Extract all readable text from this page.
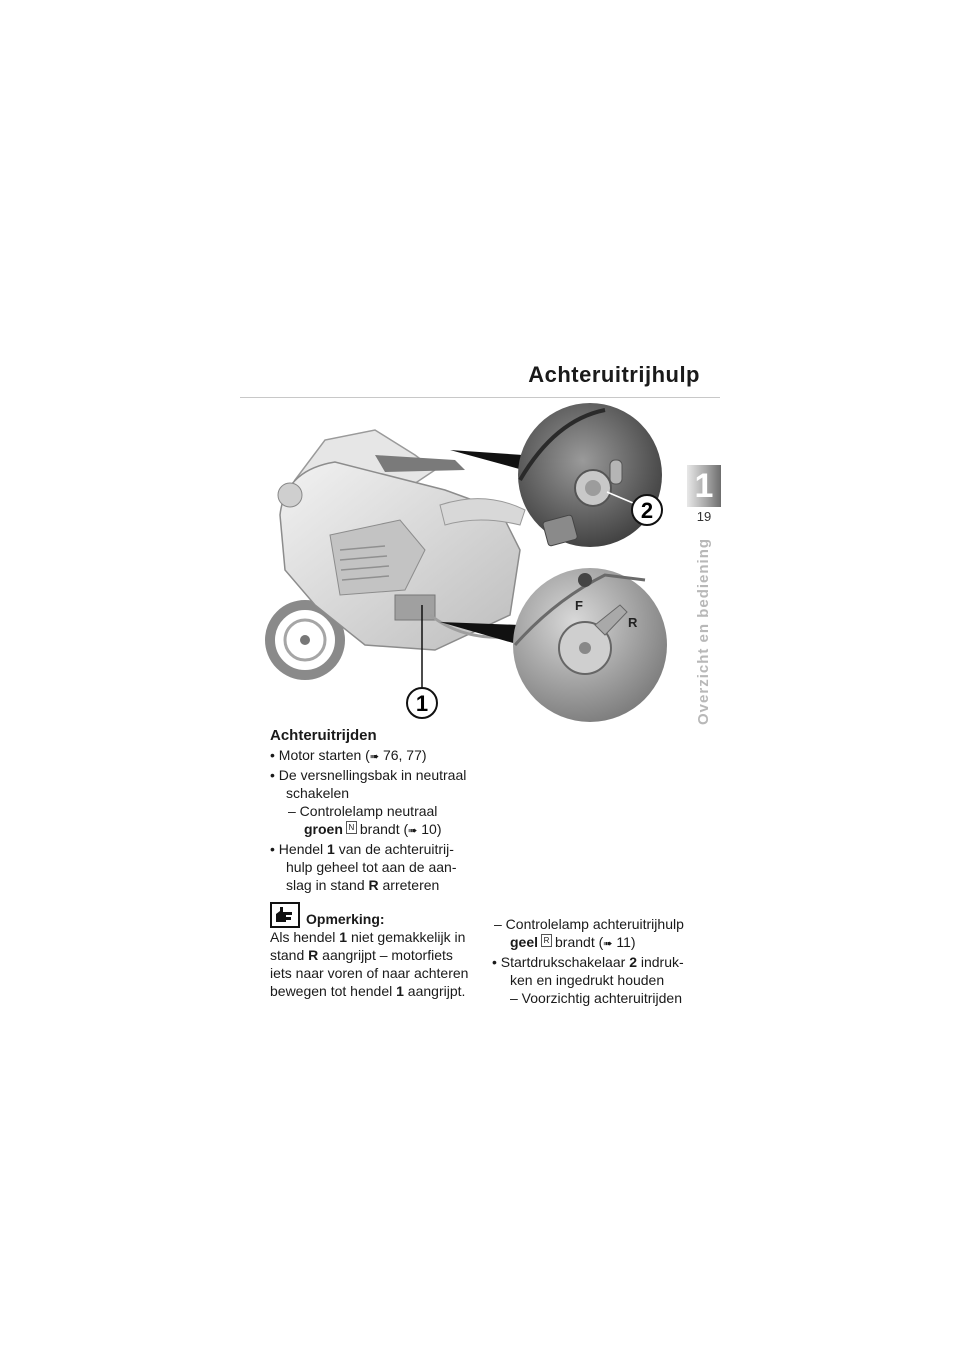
Achteruitrijhulp
2
F
R
1
1
19
Overzicht en bediening
Achteruitrijden
• Motor starten (➠ 76, 77)
• De versnellingsbak in neutraal
schakelen
– Controlelamp neutraal
groen N brandt (➠ 10)
• Hendel 1 van de achteruitrij-
hulp geheel tot aan de aan-
slag in stand R arreteren
Opmerking:
Als hendel 1 niet gemakkelijk in
stand R aangrijpt – motorfiets
iets naar voren of naar achteren
bewegen tot hendel 1 aangrijpt.
– Controlelamp achteruitrijhulp
geel R brandt (➠ 11)
• Startdrukschakelaar 2 indruk-
ken en ingedrukt houden
– Voorzichtig achteruitrijden
